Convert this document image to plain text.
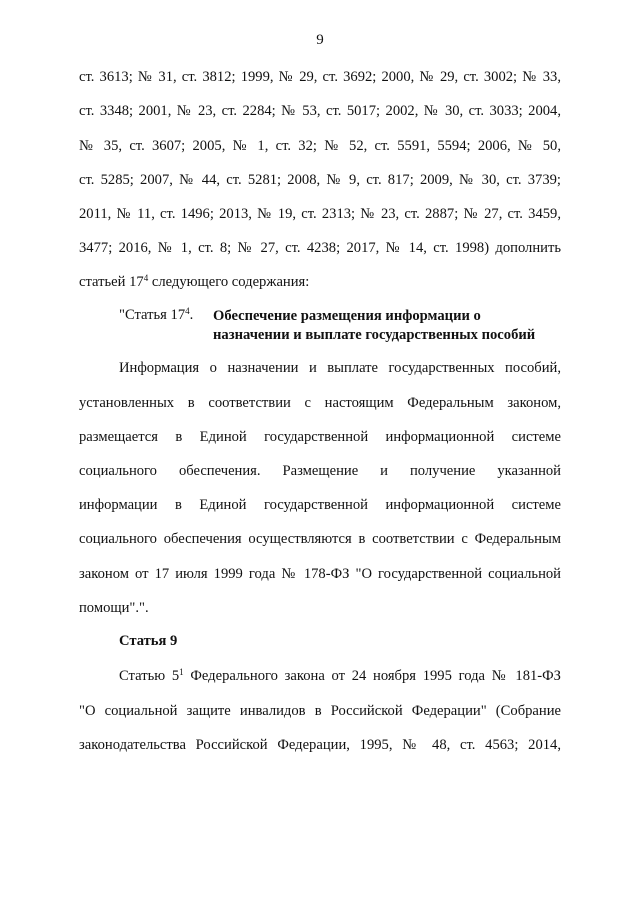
9
ст. 3613; № 31, ст. 3812; 1999, № 29, ст. 3692; 2000, № 29, ст. 3002; № 33,
ст. 3348; 2001, № 23, ст. 2284; № 53, ст. 5017; 2002, № 30, ст. 3033; 2004,
№ 35, ст. 3607; 2005, № 1, ст. 32; № 52, ст. 5591, 5594; 2006, № 50,
ст. 5285; 2007, № 44, ст. 5281; 2008, № 9, ст. 817; 2009, № 30, ст. 3739;
2011, № 11, ст. 1496; 2013, № 19, ст. 2313; № 23, ст. 2887; № 27, ст. 3459,
3477; 2016, № 1, ст. 8; № 27, ст. 4238; 2017, № 14, ст. 1998) дополнить
статьей $17^4$ следующего содержания:
"Статья $17^4$. Обеспечение размещения информации о
назначении и выплате государственных пособий
Информация о назначении и выплате государственных пособий,
установленных в соответствии с настоящим Федеральным законом,
размещается в Единой государственной информационной системе
социального обеспечения. Размещение и получение указанной
информации в Единой государственной информационной системе
социального обеспечения осуществляются в соответствии с Федеральным
законом от 17 июля 1999 года № 178-ФЗ "О государственной социальной
помощи".".
Статья 9
Статью $5^1$ Федерального закона от 24 ноября 1995 года № 181-ФЗ
"О социальной защите инвалидов в Российской Федерации" (Собрание
законодательства Российской Федерации, 1995, № 48, ст. 4563; 2014,
